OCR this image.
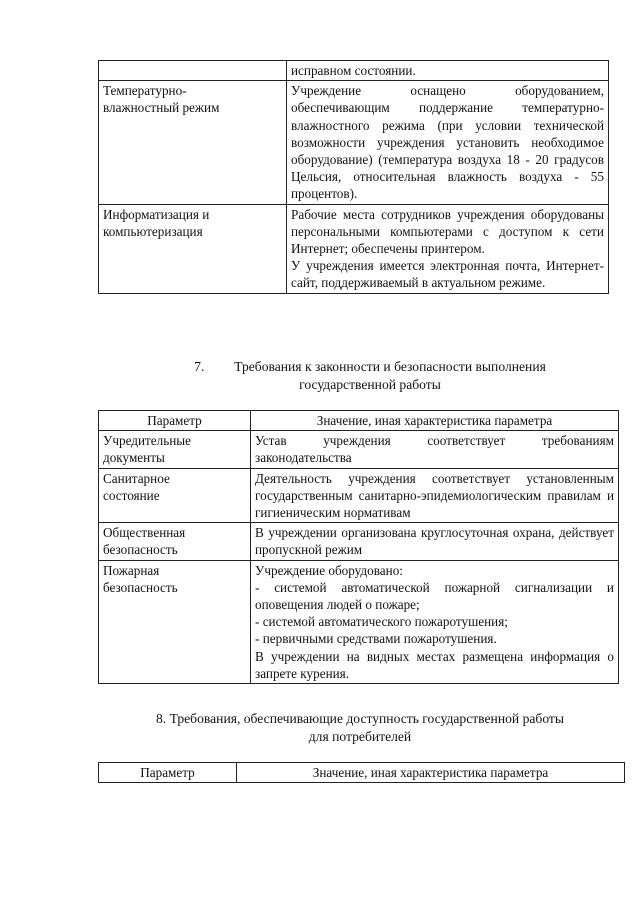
	исправном состоянии.

Температурно-влажностный режим	Учреждение оснащено оборудованием, обеспечивающим поддержание температурно-влажностного режима (при условии технической возможности учреждения установить необходимое оборудование) (температура воздуха 18 - 20 градусов Цельсия, относительная влажность воздуха - 55 процентов).

Информатизация и компьютеризация	Рабочие места сотрудников учреждения оборудованы персональными компьютерами с доступом к сети Интернет; обеспечены принтером.

У учреждения имеется электронная почта, Интернет-сайт, поддерживаемый в актуальном режиме.

7. Требования к законности и безопасности выполнения
государственной работы
Параметр	Значение, иная характеристика параметра
Учредительные документы	Устав учреждения соответствует требованиям законодательства

Санитарное состояние	Деятельность учреждения соответствует установленным государственным санитарно-эпидемиологическим правилам и гигиеническим нормативам

Общественная безопасность	В учреждении организована круглосуточная охрана, действует пропускной режим

Пожарная безопасность	Учреждение оборудовано:

- системой автоматической пожарной сигнализации и оповещения людей о пожаре;

- системой автоматического пожаротушения;

- первичными средствами пожаротушения.

В учреждении на видных местах размещена информация о запрете курения.

8. Требования, обеспечивающие доступность государственной работы
для потребителей
Параметр	Значение, иная характеристика параметра
